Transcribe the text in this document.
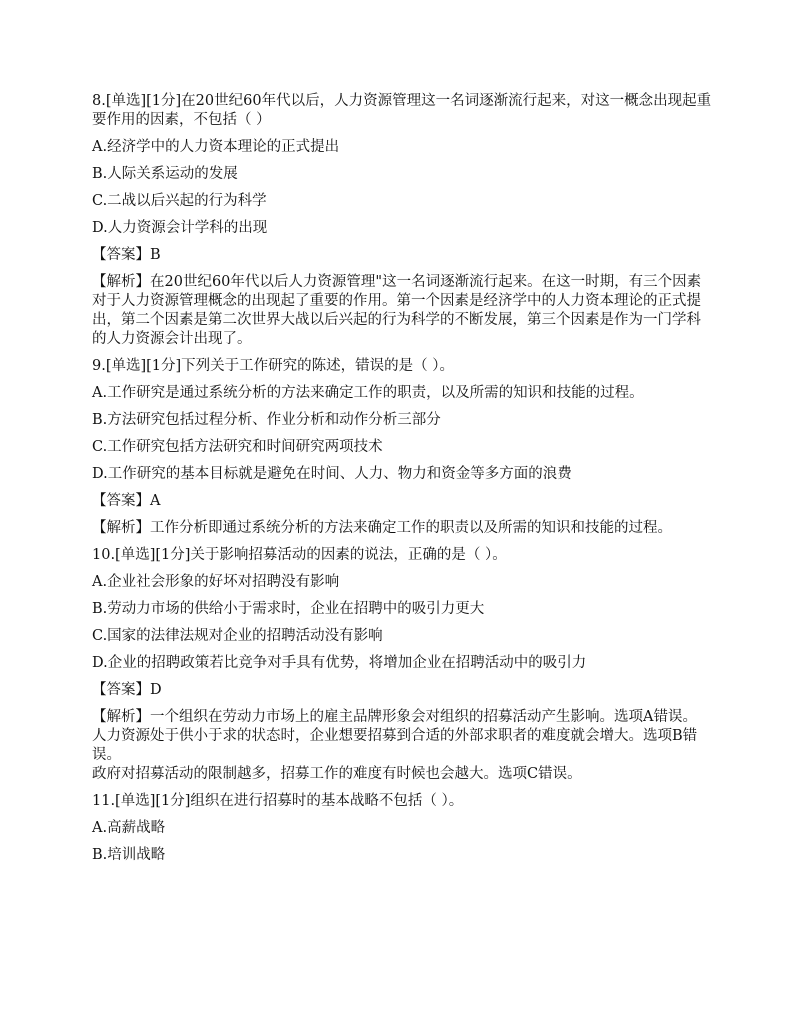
8.[单选][1分]在20世纪60年代以后，人力资源管理这一名词逐渐流行起来，对这一概念出现起重要作用的因素，不包括（ ）

A.经济学中的人力资本理论的正式提出

B.人际关系运动的发展

C.二战以后兴起的行为科学

D.人力资源会计学科的出现

【答案】B

【解析】在20世纪60年代以后人力资源管理"这一名词逐渐流行起来。在这一时期，有三个因素对于人力资源管理概念的出现起了重要的作用。第一个因素是经济学中的人力资本理论的正式提出，第二个因素是第二次世界大战以后兴起的行为科学的不断发展，第三个因素是作为一门学科的人力资源会计出现了。

9.[单选][1分]下列关于工作研究的陈述，错误的是（ ）。

A.工作研究是通过系统分析的方法来确定工作的职责，以及所需的知识和技能的过程。

B.方法研究包括过程分析、作业分析和动作分析三部分

C.工作研究包括方法研究和时间研究两项技术

D.工作研究的基本目标就是避免在时间、人力、物力和资金等多方面的浪费

【答案】A

【解析】工作分析即通过系统分析的方法来确定工作的职责以及所需的知识和技能的过程。

10.[单选][1分]关于影响招募活动的因素的说法，正确的是（ ）。

A.企业社会形象的好坏对招聘没有影响

B.劳动力市场的供给小于需求时，企业在招聘中的吸引力更大

C.国家的法律法规对企业的招聘活动没有影响

D.企业的招聘政策若比竞争对手具有优势，将增加企业在招聘活动中的吸引力

【答案】D

【解析】一个组织在劳动力市场上的雇主品牌形象会对组织的招募活动产生影响。选项A错误。

人力资源处于供小于求的状态时，企业想要招募到合适的外部求职者的难度就会增大。选项B错误。

政府对招募活动的限制越多，招募工作的难度有时候也会越大。选项C错误。

11.[单选][1分]组织在进行招募时的基本战略不包括（ ）。

A.高薪战略

B.培训战略
